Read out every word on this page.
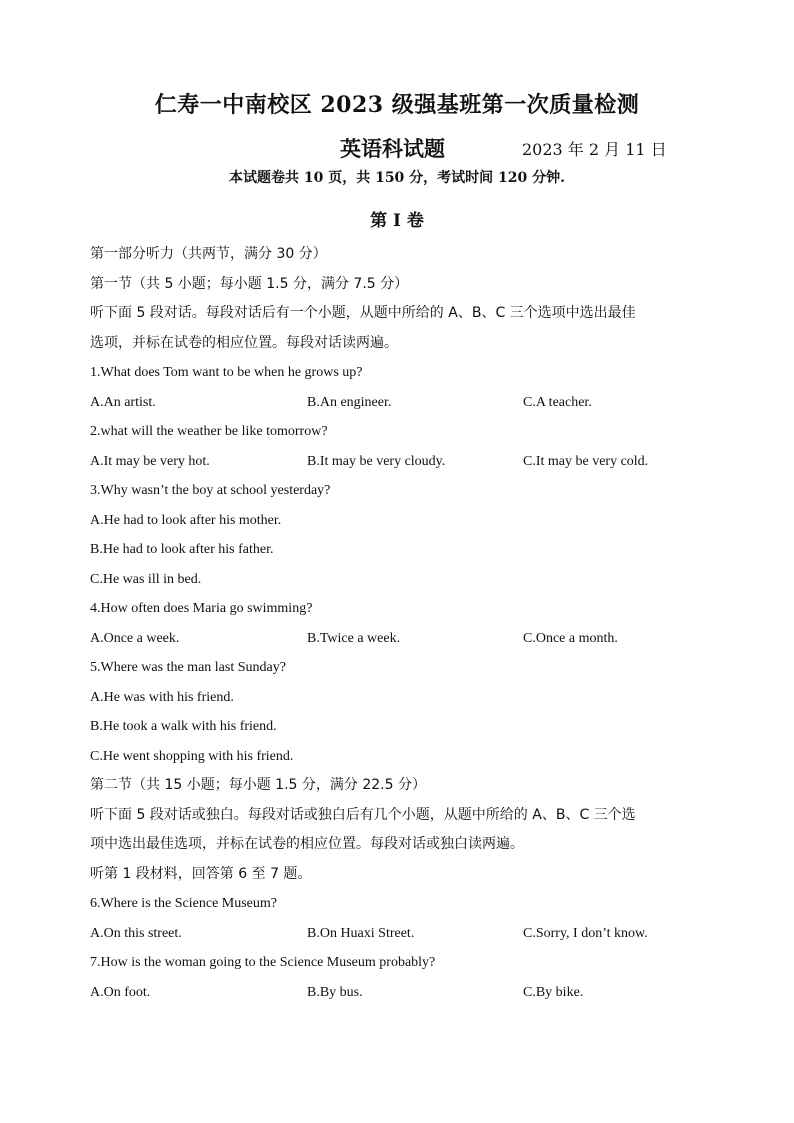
仁寿一中南校区 2023 级强基班第一次质量检测
英语科试题	2023 年 2 月 11 日
本试题卷共 10 页，共 150 分，考试时间 120 分钟.
第 I 卷
第一部分听力（共两节，满分 30 分）
第一节（共 5 小题；每小题 1.5 分，满分 7.5 分）
听下面 5 段对话。每段对话后有一个小题，从题中所给的 A、B、C 三个选项中选出最佳
选项，并标在试卷的相应位置。每段对话读两遍。
1.What does Tom want to be when he grows up?
A.An artist.	B.An engineer.	C.A teacher.
2.what will the weather be like tomorrow?
A.It may be very hot.	B.It may be very cloudy.	C.It may be very cold.
3.Why wasn’t the boy at school yesterday?
A.He had to look after his mother.
B.He had to look after his father.
C.He was ill in bed.
4.How often does Maria go swimming?
A.Once a week.	B.Twice a week.	C.Once a month.
5.Where was the man last Sunday?
A.He was with his friend.
B.He took a walk with his friend.
C.He went shopping with his friend.
第二节（共 15 小题；每小题 1.5 分，满分 22.5 分）
听下面 5 段对话或独白。每段对话或独白后有几个小题，从题中所给的 A、B、C 三个选
项中选出最佳选项，并标在试卷的相应位置。每段对话或独白读两遍。
听第 1 段材料，回答第 6 至 7 题。
6.Where is the Science Museum?
A.On this street.	B.On Huaxi Street.	C.Sorry, I don’t know.
7.How is the woman going to the Science Museum probably?
A.On foot.	B.By bus.	C.By bike.
